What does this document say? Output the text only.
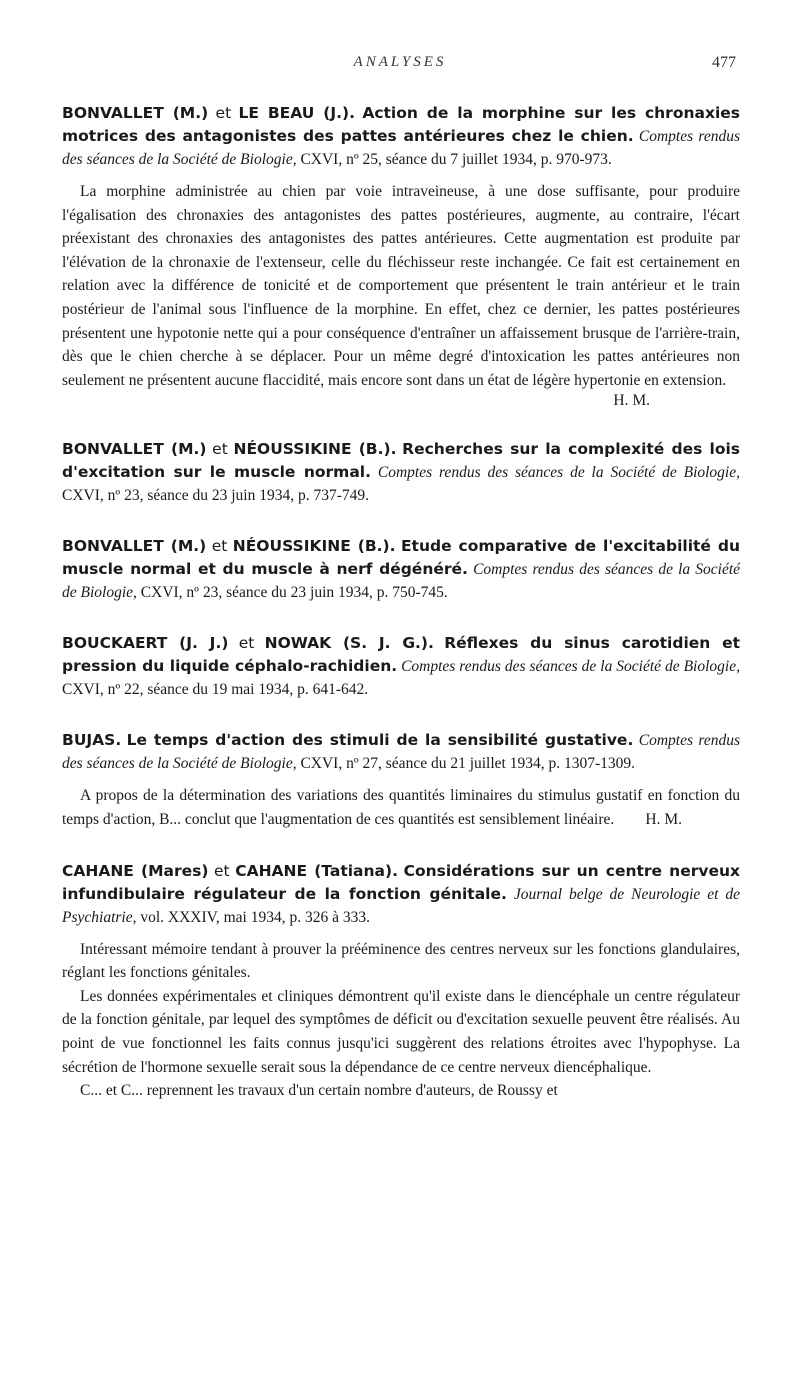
ANALYSES	477

BONVALLET (M.) et LE BEAU (J.). Action de la morphine sur les chronaxies motrices des antagonistes des pattes antérieures chez le chien. Comptes rendus des séances de la Société de Biologie, CXVI, nº 25, séance du 7 juillet 1934, p. 970-973.

La morphine administrée au chien par voie intraveineuse, à une dose suffisante, pour produire l'égalisation des chronaxies des antagonistes des pattes postérieures, augmente, au contraire, l'écart préexistant des chronaxies des antagonistes des pattes antérieures. Cette augmentation est produite par l'élévation de la chronaxie de l'extenseur, celle du fléchisseur reste inchangée. Ce fait est certainement en relation avec la différence de tonicité et de comportement que présentent le train antérieur et le train postérieur de l'animal sous l'influence de la morphine. En effet, chez ce dernier, les pattes postérieures présentent une hypotonie nette qui a pour conséquence d'entraîner un affaissement brusque de l'arrière-train, dès que le chien cherche à se déplacer. Pour un même degré d'intoxication les pattes antérieures non seulement ne présentent aucune flaccidité, mais encore sont dans un état de légère hypertonie en extension.

H. M.

BONVALLET (M.) et NÉOUSSIKINE (B.). Recherches sur la complexité des lois d'excitation sur le muscle normal. Comptes rendus des séances de la Société de Biologie, CXVI, nº 23, séance du 23 juin 1934, p. 737-749.

BONVALLET (M.) et NÉOUSSIKINE (B.). Etude comparative de l'excitabilité du muscle normal et du muscle à nerf dégénéré. Comptes rendus des séances de la Société de Biologie, CXVI, nº 23, séance du 23 juin 1934, p. 750-745.

BOUCKAERT (J. J.) et NOWAK (S. J. G.). Réflexes du sinus carotidien et pression du liquide céphalo-rachidien. Comptes rendus des séances de la Société de Biologie, CXVI, nº 22, séance du 19 mai 1934, p. 641-642.

BUJAS. Le temps d'action des stimuli de la sensibilité gustative. Comptes rendus des séances de la Société de Biologie, CXVI, nº 27, séance du 21 juillet 1934, p. 1307-1309.

A propos de la détermination des variations des quantités liminaires du stimulus gustatif en fonction du temps d'action, B... conclut que l'augmentation de ces quantités est sensiblement linéaire. H. M.

CAHANE (Mares) et CAHANE (Tatiana). Considérations sur un centre nerveux infundibulaire régulateur de la fonction génitale. Journal belge de Neurologie et de Psychiatrie, vol. XXXIV, mai 1934, p. 326 à 333.

Intéressant mémoire tendant à prouver la prééminence des centres nerveux sur les fonctions glandulaires, réglant les fonctions génitales.

Les données expérimentales et cliniques démontrent qu'il existe dans le diencéphale un centre régulateur de la fonction génitale, par lequel des symptômes de déficit ou d'excitation sexuelle peuvent être réalisés. Au point de vue fonctionnel les faits connus jusqu'ici suggèrent des relations étroites avec l'hypophyse. La sécrétion de l'hormone sexuelle serait sous la dépendance de ce centre nerveux diencéphalique.

C... et C... reprennent les travaux d'un certain nombre d'auteurs, de Roussy et
